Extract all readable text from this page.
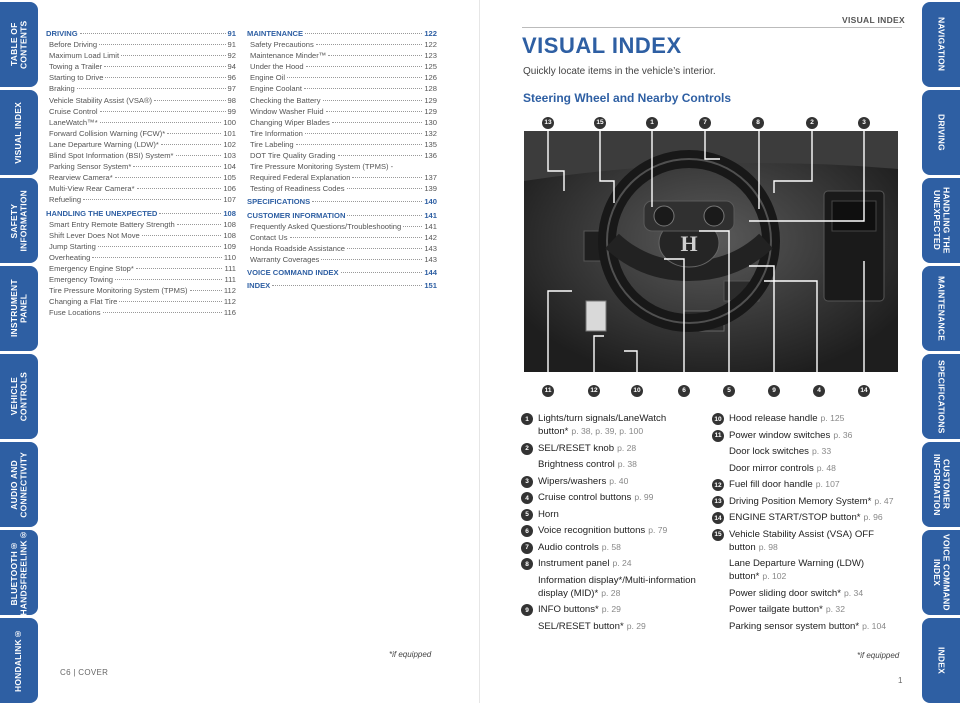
TABLE OF CONTENTS
VISUAL INDEX
SAFETY
INFORMATION
INSTRUMENT PANEL
VEHICLE
CONTROLS
AUDIO AND
CONNECTIVITY
BLUETOOTH®
HANDSFREELINK®
HONDALINK®
NAVIGATION
DRIVING
HANDLING THE
UNEXPECTED
MAINTENANCE
SPECIFICATIONS
CUSTOMER
INFORMATION
VOICE COMMAND
INDEX
INDEX
DRIVING	91
Before Driving	91
Maximum Load Limit	92
Towing a Trailer	94
Starting to Drive	96
Braking	97
Vehicle Stability Assist (VSA®)	98
Cruise Control	99
LaneWatch™*	100
Forward Collision Warning (FCW)*	101
Lane Departure Warning (LDW)*	102
Blind Spot Information (BSI) System*	103
Parking Sensor System*	104
Rearview Camera*	105
Multi-View Rear Camera*	106
Refueling	107
HANDLING THE UNEXPECTED	108
Smart Entry Remote Battery Strength	108
Shift Lever Does Not Move	108
Jump Starting	109
Overheating	110
Emergency Engine Stop*	111
Emergency Towing	111
Tire Pressure Monitoring System (TPMS)	112
Changing a Flat Tire	112
Fuse Locations	116
MAINTENANCE	122
Safety Precautions	122
Maintenance Minder™	123
Under the Hood	125
Engine Oil	126
Engine Coolant	128
Checking the Battery	129
Window Washer Fluid	129
Changing Wiper Blades	130
Tire Information	132
Tire Labeling	135
DOT Tire Quality Grading	136
Tire Pressure Monitoring System (TPMS) -
Required Federal Explanation	137
Testing of Readiness Codes	139
SPECIFICATIONS	140
CUSTOMER INFORMATION	141
Frequently Asked Questions/Troubleshooting	141
Contact Us	142
Honda Roadside Assistance	143
Warranty Coverages	143
VOICE COMMAND INDEX	144
INDEX	151
*if equipped
C6 | COVER
VISUAL INDEX
VISUAL INDEX
Quickly locate items in the vehicle’s interior.
Steering Wheel and Nearby Controls
13	15	1	7	8	2	3
H
11	12	10	6	5	9	4	14
1 Lights/turn signals/LaneWatch button* p. 38, p. 39, p. 100
2 SEL/RESET knob p. 28
Brightness control p. 38
3 Wipers/washers p. 40
4 Cruise control buttons p. 99
5 Horn
6 Voice recognition buttons p. 79
7 Audio controls p. 58
8 Instrument panel p. 24
Information display*/Multi-information display (MID)* p. 28
9 INFO buttons* p. 29
SEL/RESET button* p. 29
10 Hood release handle p. 125
11 Power window switches p. 36
Door lock switches p. 33
Door mirror controls p. 48
12 Fuel fill door handle p. 107
13 Driving Position Memory System* p. 47
14 ENGINE START/STOP button* p. 96
15 Vehicle Stability Assist (VSA) OFF button p. 98
Lane Departure Warning (LDW) button* p. 102
Power sliding door switch* p. 34
Power tailgate button* p. 32
Parking sensor system button* p. 104
*if equipped
1
